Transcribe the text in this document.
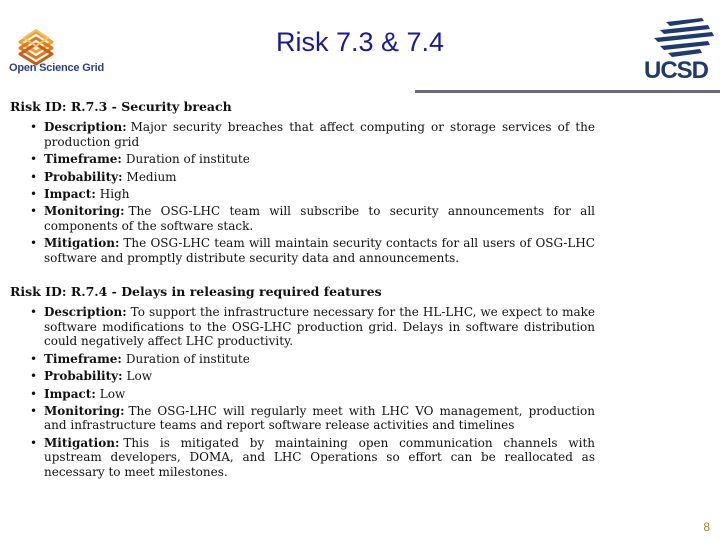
Open Science Grid	UCSD
Risk 7.3 & 7.4
Risk ID: R.7.3 - Security breach
• Description: Major security breaches that affect computing or storage services of the production grid
• Timeframe: Duration of institute
• Probability: Medium
• Impact: High
• Monitoring: The OSG-LHC team will subscribe to security announcements for all components of the software stack.
• Mitigation: The OSG-LHC team will maintain security contacts for all users of OSG-LHC software and promptly distribute security data and announcements.
Risk ID: R.7.4 - Delays in releasing required features
• Description: To support the infrastructure necessary for the HL-LHC, we expect to make software modifications to the OSG-LHC production grid. Delays in software distribution could negatively affect LHC productivity.
• Timeframe: Duration of institute
• Probability: Low
• Impact: Low
• Monitoring: The OSG-LHC will regularly meet with LHC VO management, production and infrastructure teams and report software release activities and timelines
• Mitigation: This is mitigated by maintaining open communication channels with upstream developers, DOMA, and LHC Operations so effort can be reallocated as necessary to meet milestones.
8
